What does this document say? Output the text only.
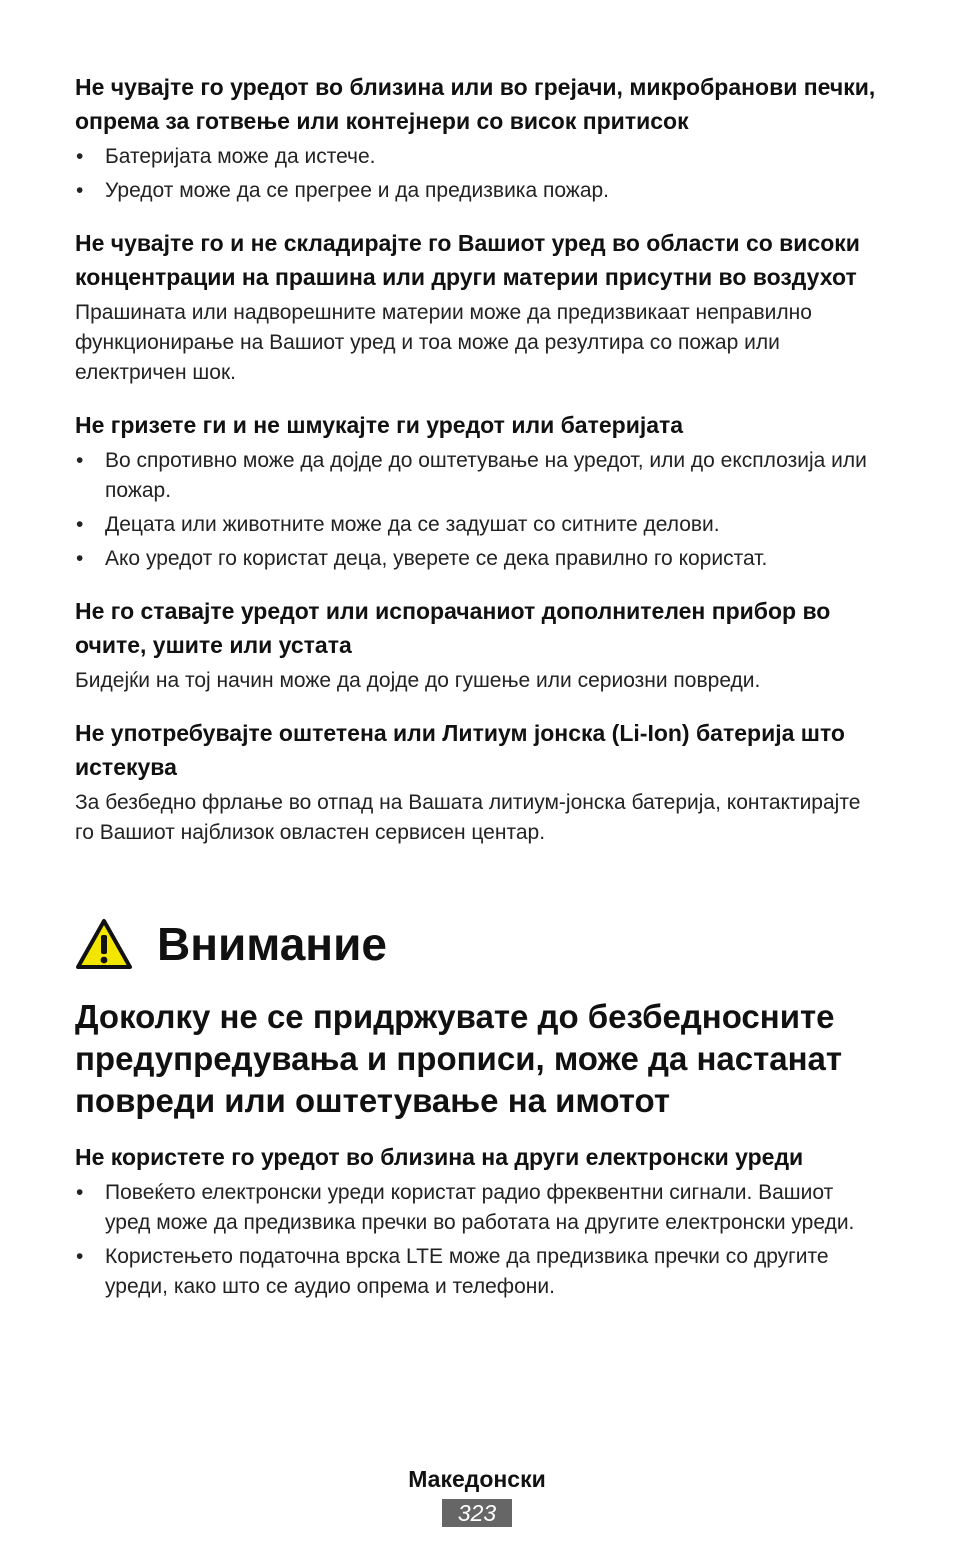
Не чувајте го уредот во близина или во грејачи, микробранови печки, опрема за готвење или контејнери со висок притисок

• Батеријата може да истече.
• Уредот може да се прегрее и да предизвика пожар.

Не чувајте го и не складирајте го Вашиот уред во области со високи концентрации на прашина или други материи присутни во воздухот

Прашината или надворешните материи може да предизвикаат неправилно функционирање на Вашиот уред и тоа може да резултира со пожар или електричен шок.

Не гризете ги и не шмукајте ги уредот или батеријата

• Во спротивно може да дојде до оштетување на уредот, или до експлозија или пожар.
• Децата или животните може да се задушат со ситните делови.
• Ако уредот го користат деца, уверете се дека правилно го користат.

Не го ставајте уредот или испорачаниот дополнителен прибор во очите, ушите или устата

Бидејќи на тој начин може да дојде до гушење или сериозни повреди.

Не употребувајте оштетена или Литиум јонска (Li-Ion) батерија што истекува

За безбедно фрлање во отпад на Вашата литиум-јонска батерија, контактирајте го Вашиот најблизок овластен сервисен центар.

Внимание

Доколку не се придржувате до безбедносните предупредувања и прописи, може да настанат повреди или оштетување на имотот

Не користете го уредот во близина на други електронски уреди

• Повеќето електронски уреди користат радио фреквентни сигнали. Вашиот уред може да предизвика пречки во работата на другите електронски уреди.
• Користењето податочна врска LTE може да предизвика пречки со другите уреди, како што се аудио опрема и телефони.
Македонски
323
